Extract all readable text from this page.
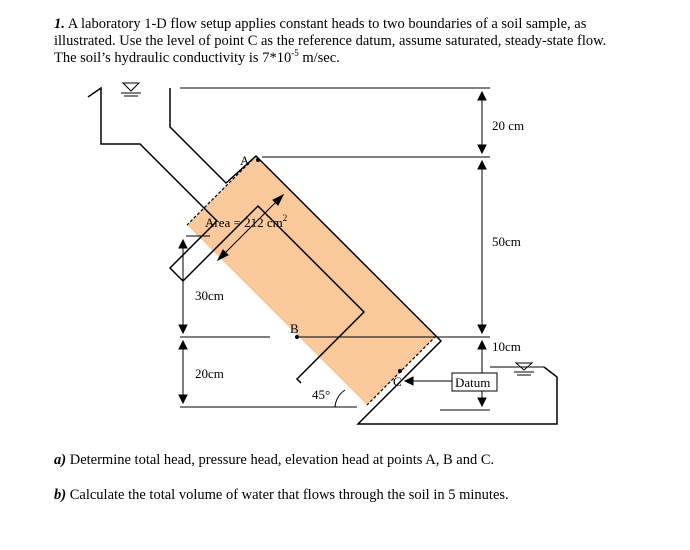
1. A laboratory 1-D flow setup applies constant heads to two boundaries of a soil sample, as
illustrated. Use the level of point C as the reference datum, assume saturated, steady-state flow.
The soil’s hydraulic conductivity is $7*10^{-5}$ m/sec.

20 cm
50cm
10cm
30cm
20cm
A
B
C
Area = 212 $cm^2$
45°
Datum

a) Determine total head, pressure head, elevation head at points A, B and C.

b) Calculate the total volume of water that flows through the soil in 5 minutes.
